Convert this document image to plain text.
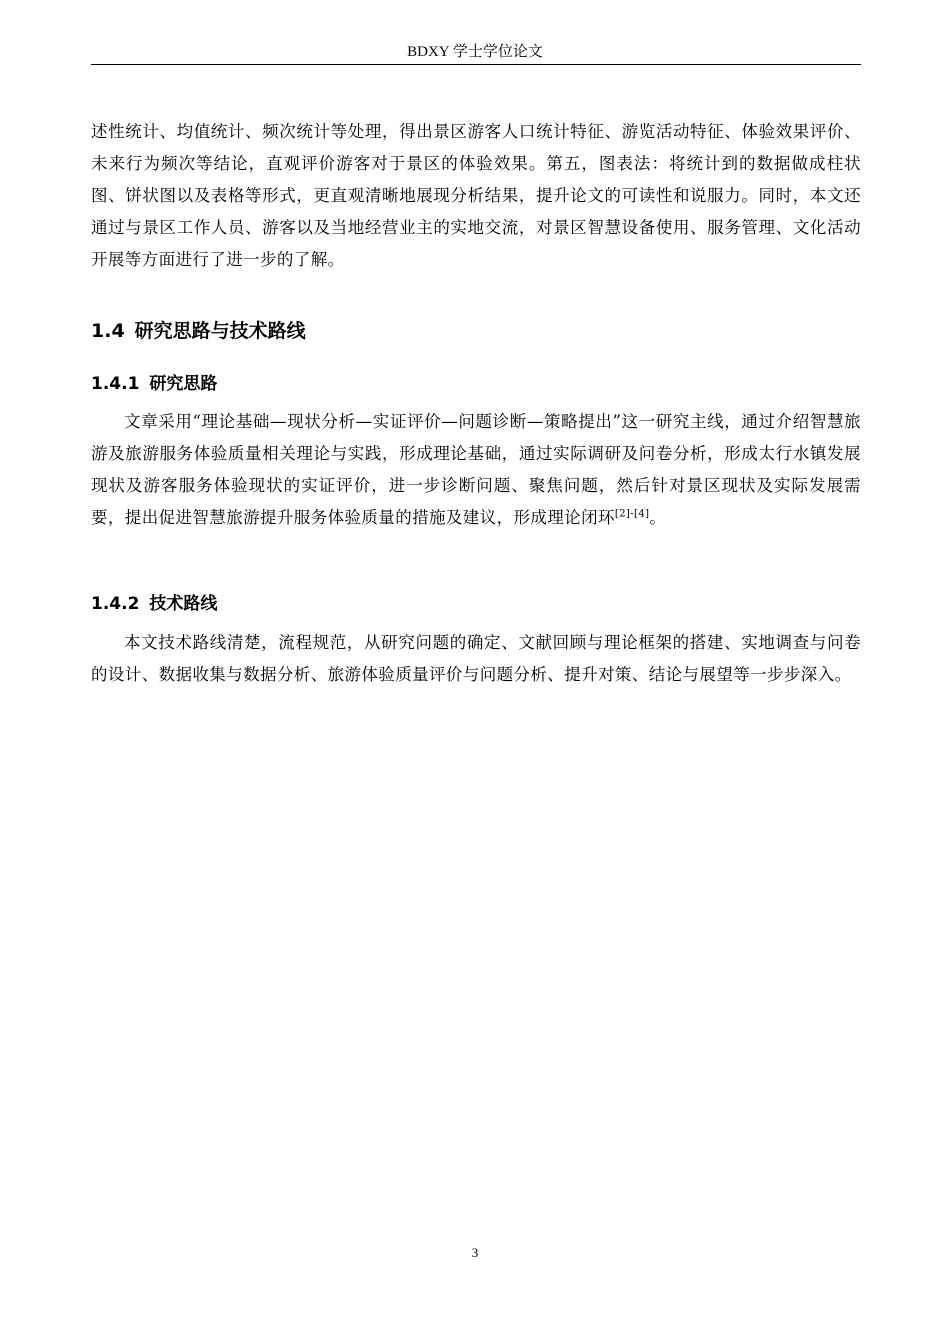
BDXY 学士学位论文

述性统计、均值统计、频次统计等处理，得出景区游客人口统计特征、游览活动特征、体验效果评价、未来行为频次等结论，直观评价游客对于景区的体验效果。第五，图表法：将统计到的数据做成柱状图、饼状图以及表格等形式，更直观清晰地展现分析结果，提升论文的可读性和说服力。同时，本文还通过与景区工作人员、游客以及当地经营业主的实地交流，对景区智慧设备使用、服务管理、文化活动开展等方面进行了进一步的了解。

1.4 研究思路与技术路线
1.4.1 研究思路

文章采用“理论基础—现状分析—实证评价—问题诊断—策略提出”这一研究主线，通过介绍智慧旅游及旅游服务体验质量相关理论与实践，形成理论基础，通过实际调研及问卷分析，形成太行水镇发展现状及游客服务体验现状的实证评价，进一步诊断问题、聚焦问题，然后针对景区现状及实际发展需要，提出促进智慧旅游提升服务体验质量的措施及建议，形成理论闭环[2]-[4]。

1.4.2 技术路线

本文技术路线清楚，流程规范，从研究问题的确定、文献回顾与理论框架的搭建、实地调查与问卷的设计、数据收集与数据分析、旅游体验质量评价与问题分析、提升对策、结论与展望等一步步深入。

3
